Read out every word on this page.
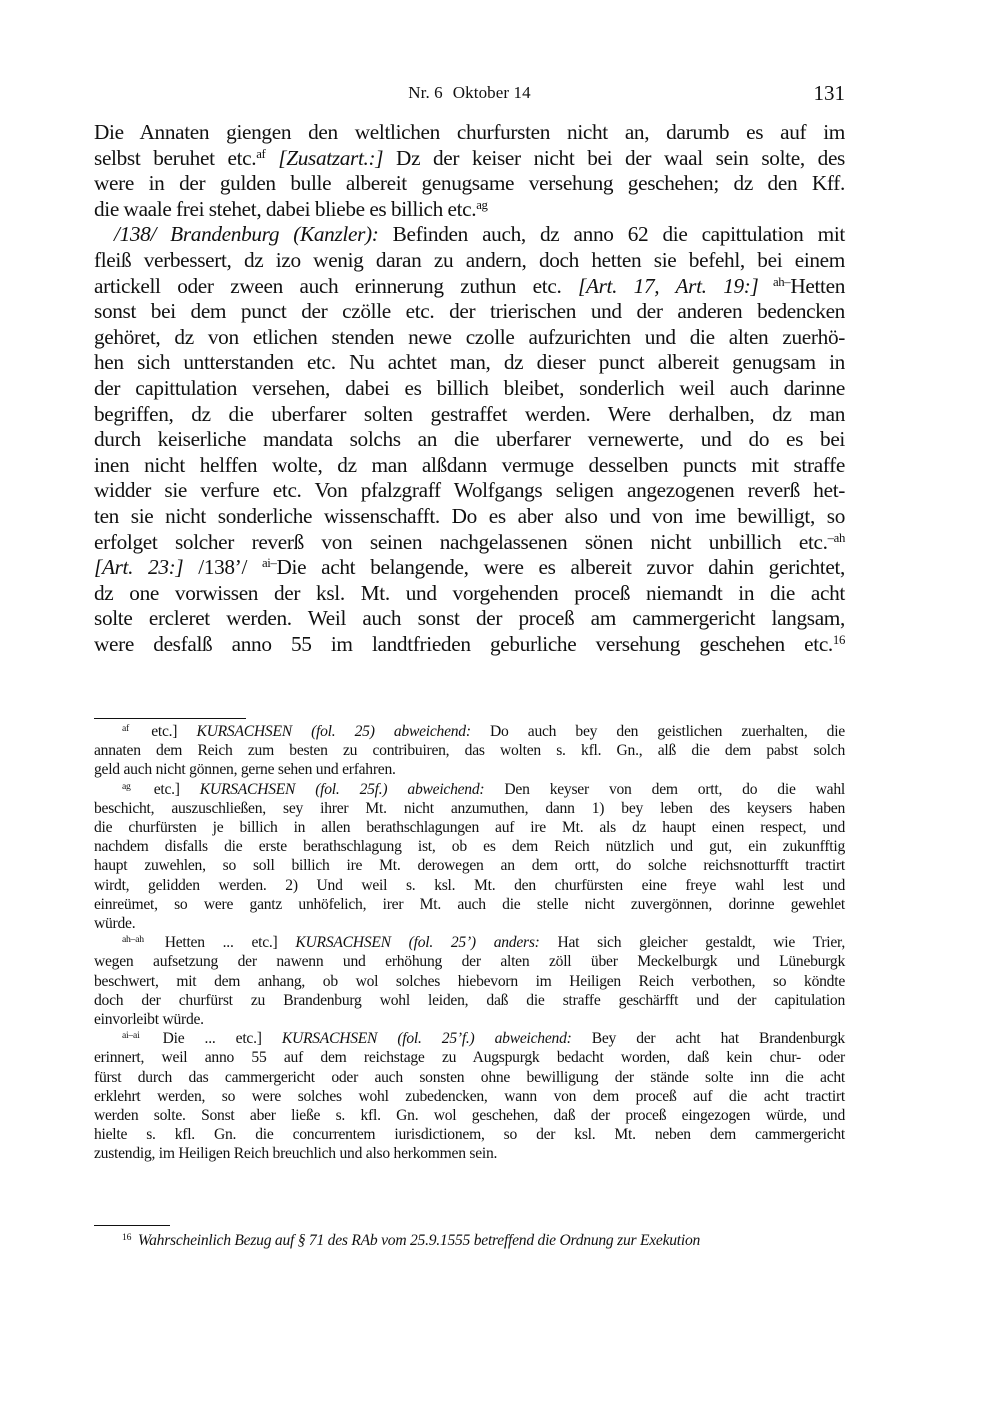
Nr. 6 Oktober 14	131

Die Annaten giengen den weltlichen churfursten nicht an, darumb es auf im
selbst beruhet etc.$^{af}$ [Zusatzart.:] Dz der keiser nicht bei der waal sein solte, des
were in der gulden bulle albereit genugsame versehung geschehen; dz den Kff.
die waale frei stehet, dabei bliebe es billich etc.$^{ag}$

/138/ Brandenburg (Kanzler): Befinden auch, dz anno 62 die capittulation mit
fleiß verbessert, dz izo wenig daran zu andern, doch hetten sie befehl, bei einem
artickell oder zween auch erinnerung zuthun etc. [Art. 17, Art. 19:] $^{ah-}$Hetten
sonst bei dem punct der czölle etc. der trierischen und der anderen bedencken
gehöret, dz von etlichen stenden newe czolle aufzurichten und die alten zuerhö-
hen sich untterstanden etc. Nu achtet man, dz dieser punct albereit genugsam in
der capittulation versehen, dabei es billich bleibet, sonderlich weil auch darinne
begriffen, dz die uberfarer solten gestraffet werden. Were derhalben, dz man
durch keiserliche mandata solchs an die uberfarer vernewerte, und do es bei
inen nicht helffen wolte, dz man alßdann vermuge desselben puncts mit straffe
widder sie verfure etc. Von pfalzgraff Wolfgangs seligen angezogenen reverß het-
ten sie nicht sonderliche wissenschafft. Do es aber also und von ime bewilligt, so
erfolget solcher reverß von seinen nachgelassenen sönen nicht unbillich etc.$^{-ah}$
[Art. 23:] /138’/ $^{ai-}$Die acht belangende, were es albereit zuvor dahin gerichtet,
dz one vorwissen der ksl. Mt. und vorgehenden proceß niemandt in die acht
solte ercleret werden. Weil auch sonst der proceß am cammergericht langsam,
were desfalß anno 55 im landtfrieden geburliche versehung geschehen etc.$^{16}$

$^{af}$ etc.] KURSACHSEN (fol. 25) abweichend: Do auch bey den geistlichen zuerhalten, die
annaten dem Reich zum besten zu contribuiren, das wolten s. kfl. Gn., alß die dem pabst solch
geld auch nicht gönnen, gerne sehen und erfahren.
$^{ag}$ etc.] KURSACHSEN (fol. 25f.) abweichend: Den keyser von dem ortt, do die wahl
beschicht, auszuschließen, sey ihrer Mt. nicht anzumuthen, dann 1) bey leben des keysers haben
die churfürsten je billich in allen berathschlagungen auf ire Mt. als dz haupt einen respect, und
nachdem disfalls die erste berathschlagung ist, ob es dem Reich nützlich und gut, ein zukunfftig
haupt zuwehlen, so soll billich ire Mt. derowegen an dem ortt, do solche reichsnotturfft tractirt
wirdt, gelidden werden. 2) Und weil s. ksl. Mt. den churfürsten eine freye wahl lest und
einreümet, so were gantz unhöfelich, irer Mt. auch die stelle nicht zuvergönnen, dorinne gewehlet
würde.
$^{ah-ah}$ Hetten ... etc.] KURSACHSEN (fol. 25’) anders: Hat sich gleicher gestaldt, wie Trier,
wegen aufsetzung der nawenn und erhöhung der alten zöll über Meckelburgk und Lüneburgk
beschwert, mit dem anhang, ob wol solches hiebevorn im Heiligen Reich verbothen, so köndte
doch der churfürst zu Brandenburg wohl leiden, daß die straffe geschärfft und der capitulation
einvorleibt würde.
$^{ai-ai}$ Die ... etc.] KURSACHSEN (fol. 25’f.) abweichend: Bey der acht hat Brandenburgk
erinnert, weil anno 55 auf dem reichstage zu Augspurgk bedacht worden, daß kein chur- oder
fürst durch das cammergericht oder auch sonsten ohne bewilligung der stände solte inn die acht
erklehrt werden, so were solches wohl zubedencken, wann von dem proceß auf die acht tractirt
werden solte. Sonst aber ließe s. kfl. Gn. wol geschehen, daß der proceß eingezogen würde, und
hielte s. kfl. Gn. die concurrentem iurisdictionem, so der ksl. Mt. neben dem cammergericht
zustendig, im Heiligen Reich breuchlich und also herkommen sein.
$^{16}$ Wahrscheinlich Bezug auf § 71 des RAb vom 25.9.1555 betreffend die Ordnung zur Exekution
